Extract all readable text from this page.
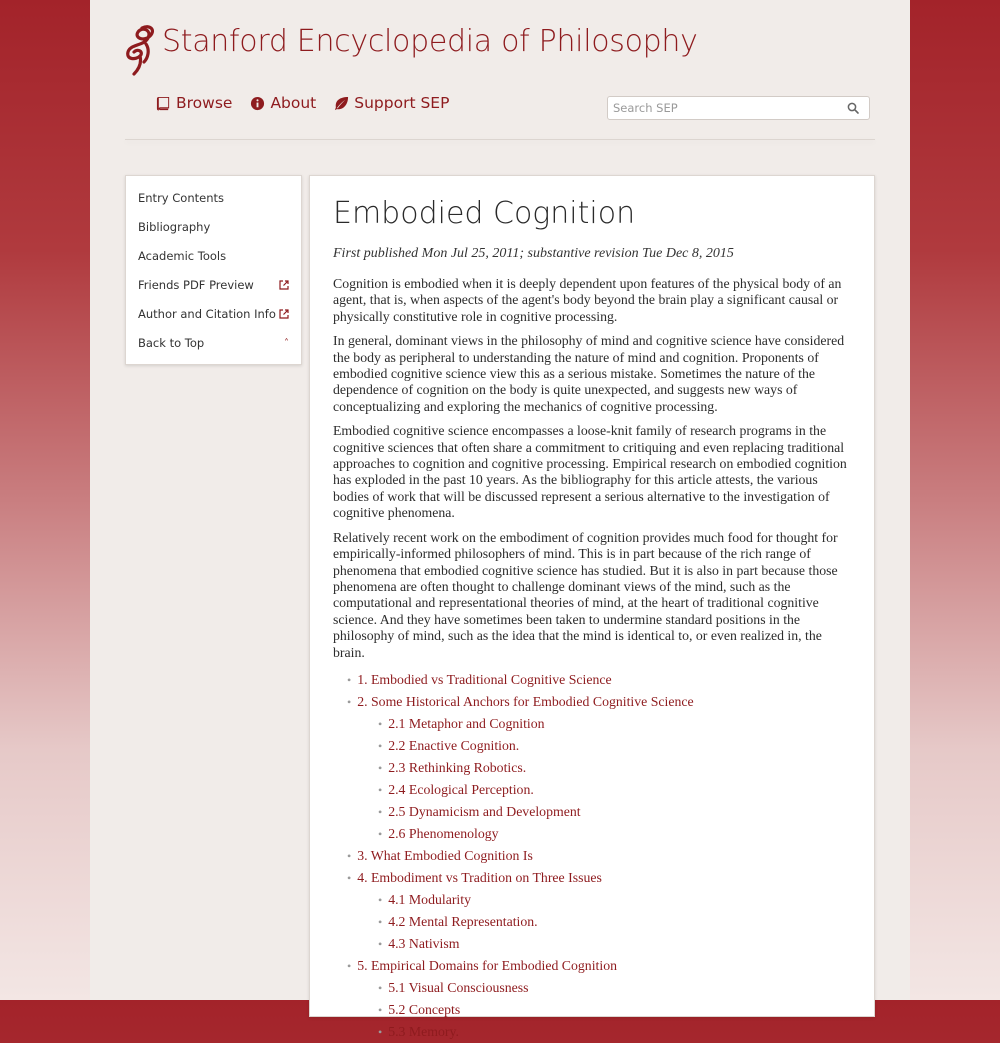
Stanford Encyclopedia of Philosophy
Browse About Support SEP
Search SEP
Entry Contents
Bibliography
Academic Tools
Friends PDF Preview
Author and Citation Info
Back to Top	˄
Embodied Cognition
First published Mon Jul 25, 2011; substantive revision Tue Dec 8, 2015

Cognition is embodied when it is deeply dependent upon features of the physical body of an agent, that is, when aspects of the agent's body beyond the brain play a significant causal or physically constitutive role in cognitive processing.

In general, dominant views in the philosophy of mind and cognitive science have considered the body as peripheral to understanding the nature of mind and cognition. Proponents of embodied cognitive science view this as a serious mistake. Sometimes the nature of the dependence of cognition on the body is quite unexpected, and suggests new ways of conceptualizing and exploring the mechanics of cognitive processing.

Embodied cognitive science encompasses a loose-knit family of research programs in the cognitive sciences that often share a commitment to critiquing and even replacing traditional approaches to cognition and cognitive processing. Empirical research on embodied cognition has exploded in the past 10 years. As the bibliography for this article attests, the various bodies of work that will be discussed represent a serious alternative to the investigation of cognitive phenomena.

Relatively recent work on the embodiment of cognition provides much food for thought for empirically-informed philosophers of mind. This is in part because of the rich range of phenomena that embodied cognitive science has studied. But it is also in part because those phenomena are often thought to challenge dominant views of the mind, such as the computational and representational theories of mind, at the heart of traditional cognitive science. And they have sometimes been taken to undermine standard positions in the philosophy of mind, such as the idea that the mind is identical to, or even realized in, the brain.

• 1. Embodied vs Traditional Cognitive Science
• 2. Some Historical Anchors for Embodied Cognitive Science
• 2.1 Metaphor and Cognition
• 2.2 Enactive Cognition.
• 2.3 Rethinking Robotics.
• 2.4 Ecological Perception.
• 2.5 Dynamicism and Development
• 2.6 Phenomenology
• 3. What Embodied Cognition Is
• 4. Embodiment vs Tradition on Three Issues
• 4.1 Modularity
• 4.2 Mental Representation.
• 4.3 Nativism
• 5. Empirical Domains for Embodied Cognition
• 5.1 Visual Consciousness
• 5.2 Concepts
• 5.3 Memory.
